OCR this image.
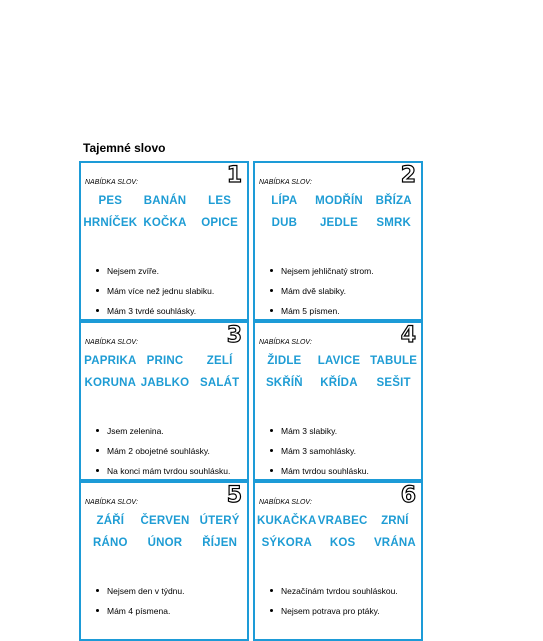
Tajemné slovo
NABÍDKA SLOV:	1
PES	BANÁN	LES
HRNÍČEK KOČKA	OPICE
Nejsem zvíře.
Mám více než jednu slabiku.
Mám 3 tvrdé souhlásky.
NABÍDKA SLOV:	2
LÍPA	MODŘÍN	BŘÍZA
DUB	JEDLE	SMRK
Nejsem jehličnatý strom.
Mám dvě slabiky.
Mám 5 písmen.
NABÍDKA SLOV:	3
PAPRIKA PRINC	ZELÍ
KORUNA JABLKO SALÁT
Jsem zelenina.
Mám 2 obojetné souhlásky.
Na konci mám tvrdou souhlásku.
NABÍDKA SLOV:	4
ŽIDLE	LAVICE TABULE
SKŘÍŇ	KŘÍDA	SEŠIT
Mám 3 slabiky.
Mám 3 samohlásky.
Mám tvrdou souhlásku.
NABÍDKA SLOV:	5
ZÁŘÍ	ČERVEN ÚTERÝ
RÁNO	ÚNOR	ŘÍJEN
Nejsem den v týdnu.
Mám 4 písmena.
NABÍDKA SLOV:	6
KUKAČKA VRABEC	ZRNÍ
SÝKORA	KOS	VRÁNA
Nezačínám tvrdou souhláskou.
Nejsem potrava pro ptáky.
